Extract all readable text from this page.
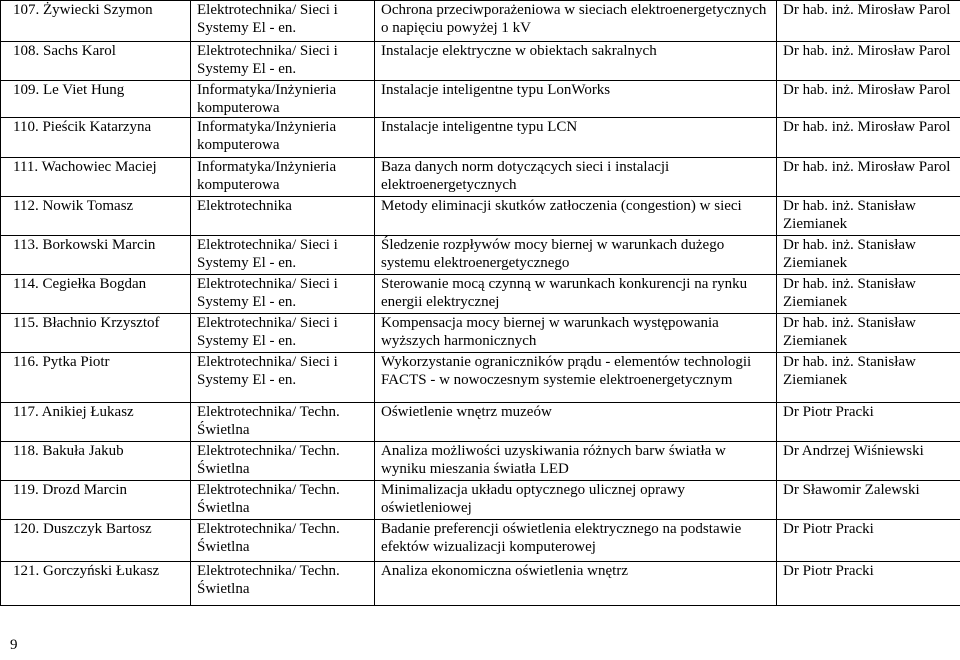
107. Żywiecki Szymon	Elektrotechnika/ Sieci i Systemy El - en.	Ochrona przeciwporażeniowa w sieciach elektroenergetycznych o napięciu powyżej 1 kV	Dr hab. inż. Mirosław Parol
108. Sachs Karol	Elektrotechnika/ Sieci i Systemy El - en.	Instalacje elektryczne w obiektach sakralnych	Dr hab. inż. Mirosław Parol
109. Le Viet Hung	Informatyka/Inżynieria komputerowa	Instalacje inteligentne typu LonWorks	Dr hab. inż. Mirosław Parol
110. Pieścik Katarzyna	Informatyka/Inżynieria komputerowa	Instalacje inteligentne typu LCN	Dr hab. inż. Mirosław Parol
111. Wachowiec Maciej	Informatyka/Inżynieria komputerowa	Baza danych norm dotyczących sieci i instalacji elektroenergetycznych	Dr hab. inż. Mirosław Parol
112. Nowik Tomasz	Elektrotechnika	Metody eliminacji skutków zatłoczenia (congestion) w sieci	Dr hab. inż. Stanisław Ziemianek
113. Borkowski Marcin	Elektrotechnika/ Sieci i Systemy El - en.	Śledzenie rozpływów mocy biernej w warunkach dużego systemu elektroenergetycznego	Dr hab. inż. Stanisław Ziemianek
114. Cegiełka Bogdan	Elektrotechnika/ Sieci i Systemy El - en.	Sterowanie mocą czynną w warunkach konkurencji na rynku energii elektrycznej	Dr hab. inż. Stanisław Ziemianek
115. Błachnio Krzysztof	Elektrotechnika/ Sieci i Systemy El - en.	Kompensacja mocy biernej w warunkach występowania wyższych harmonicznych	Dr hab. inż. Stanisław Ziemianek
116. Pytka Piotr	Elektrotechnika/ Sieci i Systemy El - en.	Wykorzystanie ograniczników prądu - elementów technologii FACTS - w nowoczesnym systemie elektroenergetycznym	Dr hab. inż. Stanisław Ziemianek
117. Anikiej Łukasz	Elektrotechnika/ Techn. Świetlna	Oświetlenie wnętrz muzeów	Dr Piotr Pracki
118. Bakuła Jakub	Elektrotechnika/ Techn. Świetlna	Analiza możliwości uzyskiwania różnych barw światła w wyniku mieszania światła LED	Dr Andrzej Wiśniewski
119. Drozd Marcin	Elektrotechnika/ Techn. Świetlna	Minimalizacja układu optycznego ulicznej oprawy oświetleniowej	Dr Sławomir Zalewski
120. Duszczyk Bartosz	Elektrotechnika/ Techn. Świetlna	Badanie preferencji oświetlenia elektrycznego na podstawie efektów wizualizacji komputerowej	Dr Piotr Pracki
121. Gorczyński Łukasz	Elektrotechnika/ Techn. Świetlna	Analiza ekonomiczna oświetlenia wnętrz	Dr Piotr Pracki
9
